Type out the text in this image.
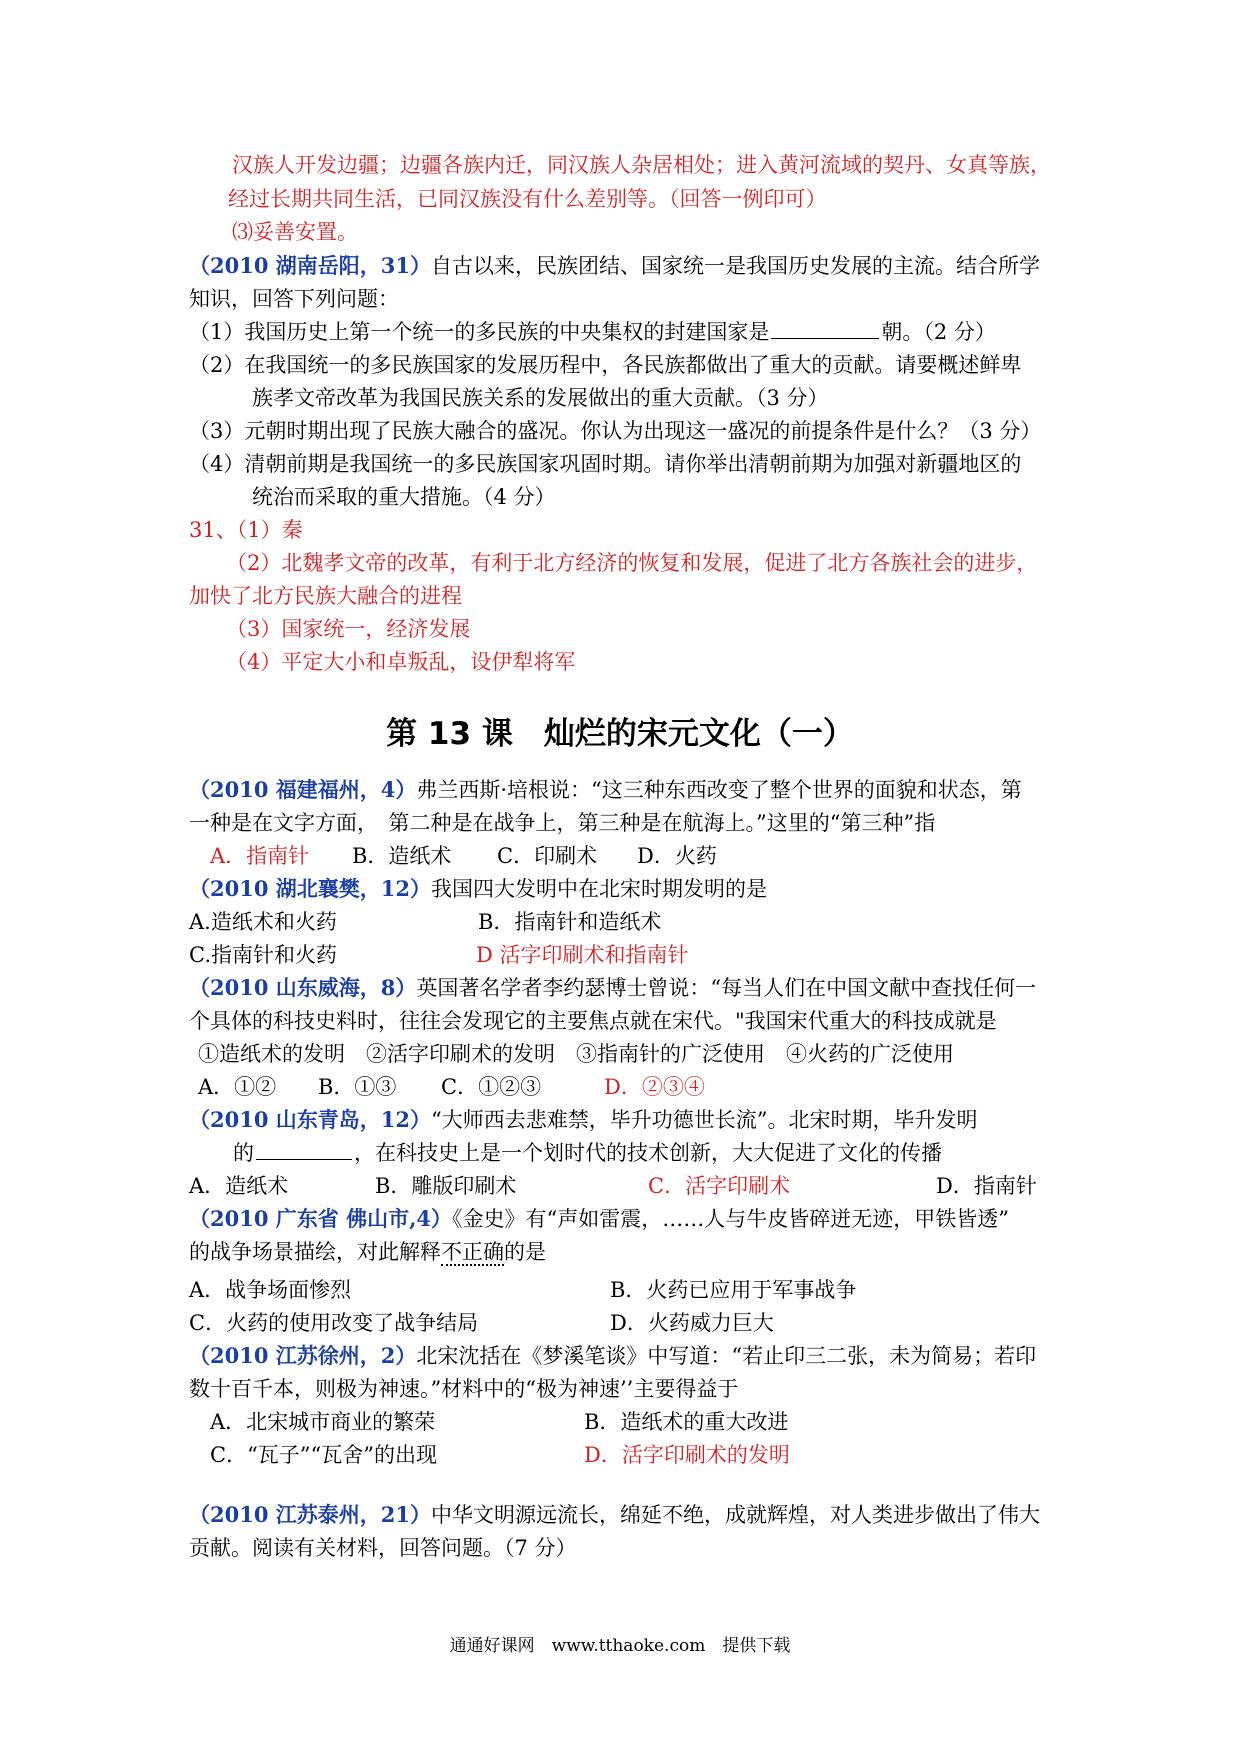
汉族人开发边疆；边疆各族内迁，同汉族人杂居相处；进入黄河流域的契丹、女真等族，
经过长期共同生活，已同汉族没有什么差别等。（回答一例印可）
⑶妥善安置。
（2010 湖南岳阳，31）自古以来，民族团结、国家统一是我国历史发展的主流。结合所学
知识，回答下列问题：
（1）我国历史上第一个统一的多民族的中央集权的封建国家是	朝。（2 分）
（2）在我国统一的多民族国家的发展历程中，各民族都做出了重大的贡献。请要概述鲜卑
族孝文帝改革为我国民族关系的发展做出的重大贡献。（3 分）
（3）元朝时期出现了民族大融合的盛况。你认为出现这一盛况的前提条件是什么？（3 分）
（4）清朝前期是我国统一的多民族国家巩固时期。请你举出清朝前期为加强对新疆地区的
统治而采取的重大措施。（4 分）
31、（1）秦
（2）北魏孝文帝的改革，有利于北方经济的恢复和发展，促进了北方各族社会的进步，
加快了北方民族大融合的进程
（3）国家统一，经济发展
（4）平定大小和卓叛乱，设伊犁将军
第 13 课　灿烂的宋元文化（一）
（2010 福建福州，4）弗兰西斯·培根说：“这三种东西改变了整个世界的面貌和状态，第
一种是在文字方面，　第二种是在战争上，第三种是在航海上。”这里的“第三种”指
A．指南针 B．造纸术 C．印刷术 D．火药
（2010 湖北襄樊，12）我国四大发明中在北宋时期发明的是
A.造纸术和火药	B．指南针和造纸术
C.指南针和火药	D 活字印刷术和指南针
（2010 山东威海，8）英国著名学者李约瑟博士曾说：“每当人们在中国文献中查找任何一
个具体的科技史料时，往往会发现它的主要焦点就在宋代。"我国宋代重大的科技成就是
①造纸术的发明　②活字印刷术的发明　③指南针的广泛使用　④火药的广泛使用
A．①② B．①③ C．①②③	D．②③④
（2010 山东青岛，12）“大师西去悲难禁，毕升功德世长流”。北宋时期，毕升发明
的	，在科技史上是一个划时代的技术创新，大大促进了文化的传播
A．造纸术	B．雕版印刷术	C．活字印刷术	D．指南针
（2010 广东省 佛山市,4）《金史》有“声如雷震，……人与牛皮皆碎迸无迹，甲铁皆透”
的战争场景描绘，对此解释不正确的是
A．战争场面惨烈	B．火药已应用于军事战争
C．火药的使用改变了战争结局	D．火药威力巨大
（2010 江苏徐州，2）北宋沈括在《梦溪笔谈》中写道：“若止印三二张，未为简易；若印
数十百千本，则极为神速。”材料中的“极为神速’’主要得益于
A．北宋城市商业的繁荣	B．造纸术的重大改进
C．“瓦子”“瓦舍”的出现	D．活字印刷术的发明
（2010 江苏泰州，21）中华文明源远流长，绵延不绝，成就辉煌，对人类进步做出了伟大
贡献。阅读有关材料，回答问题。（7 分）
通通好课网　www.tthaoke.com　提供下载
